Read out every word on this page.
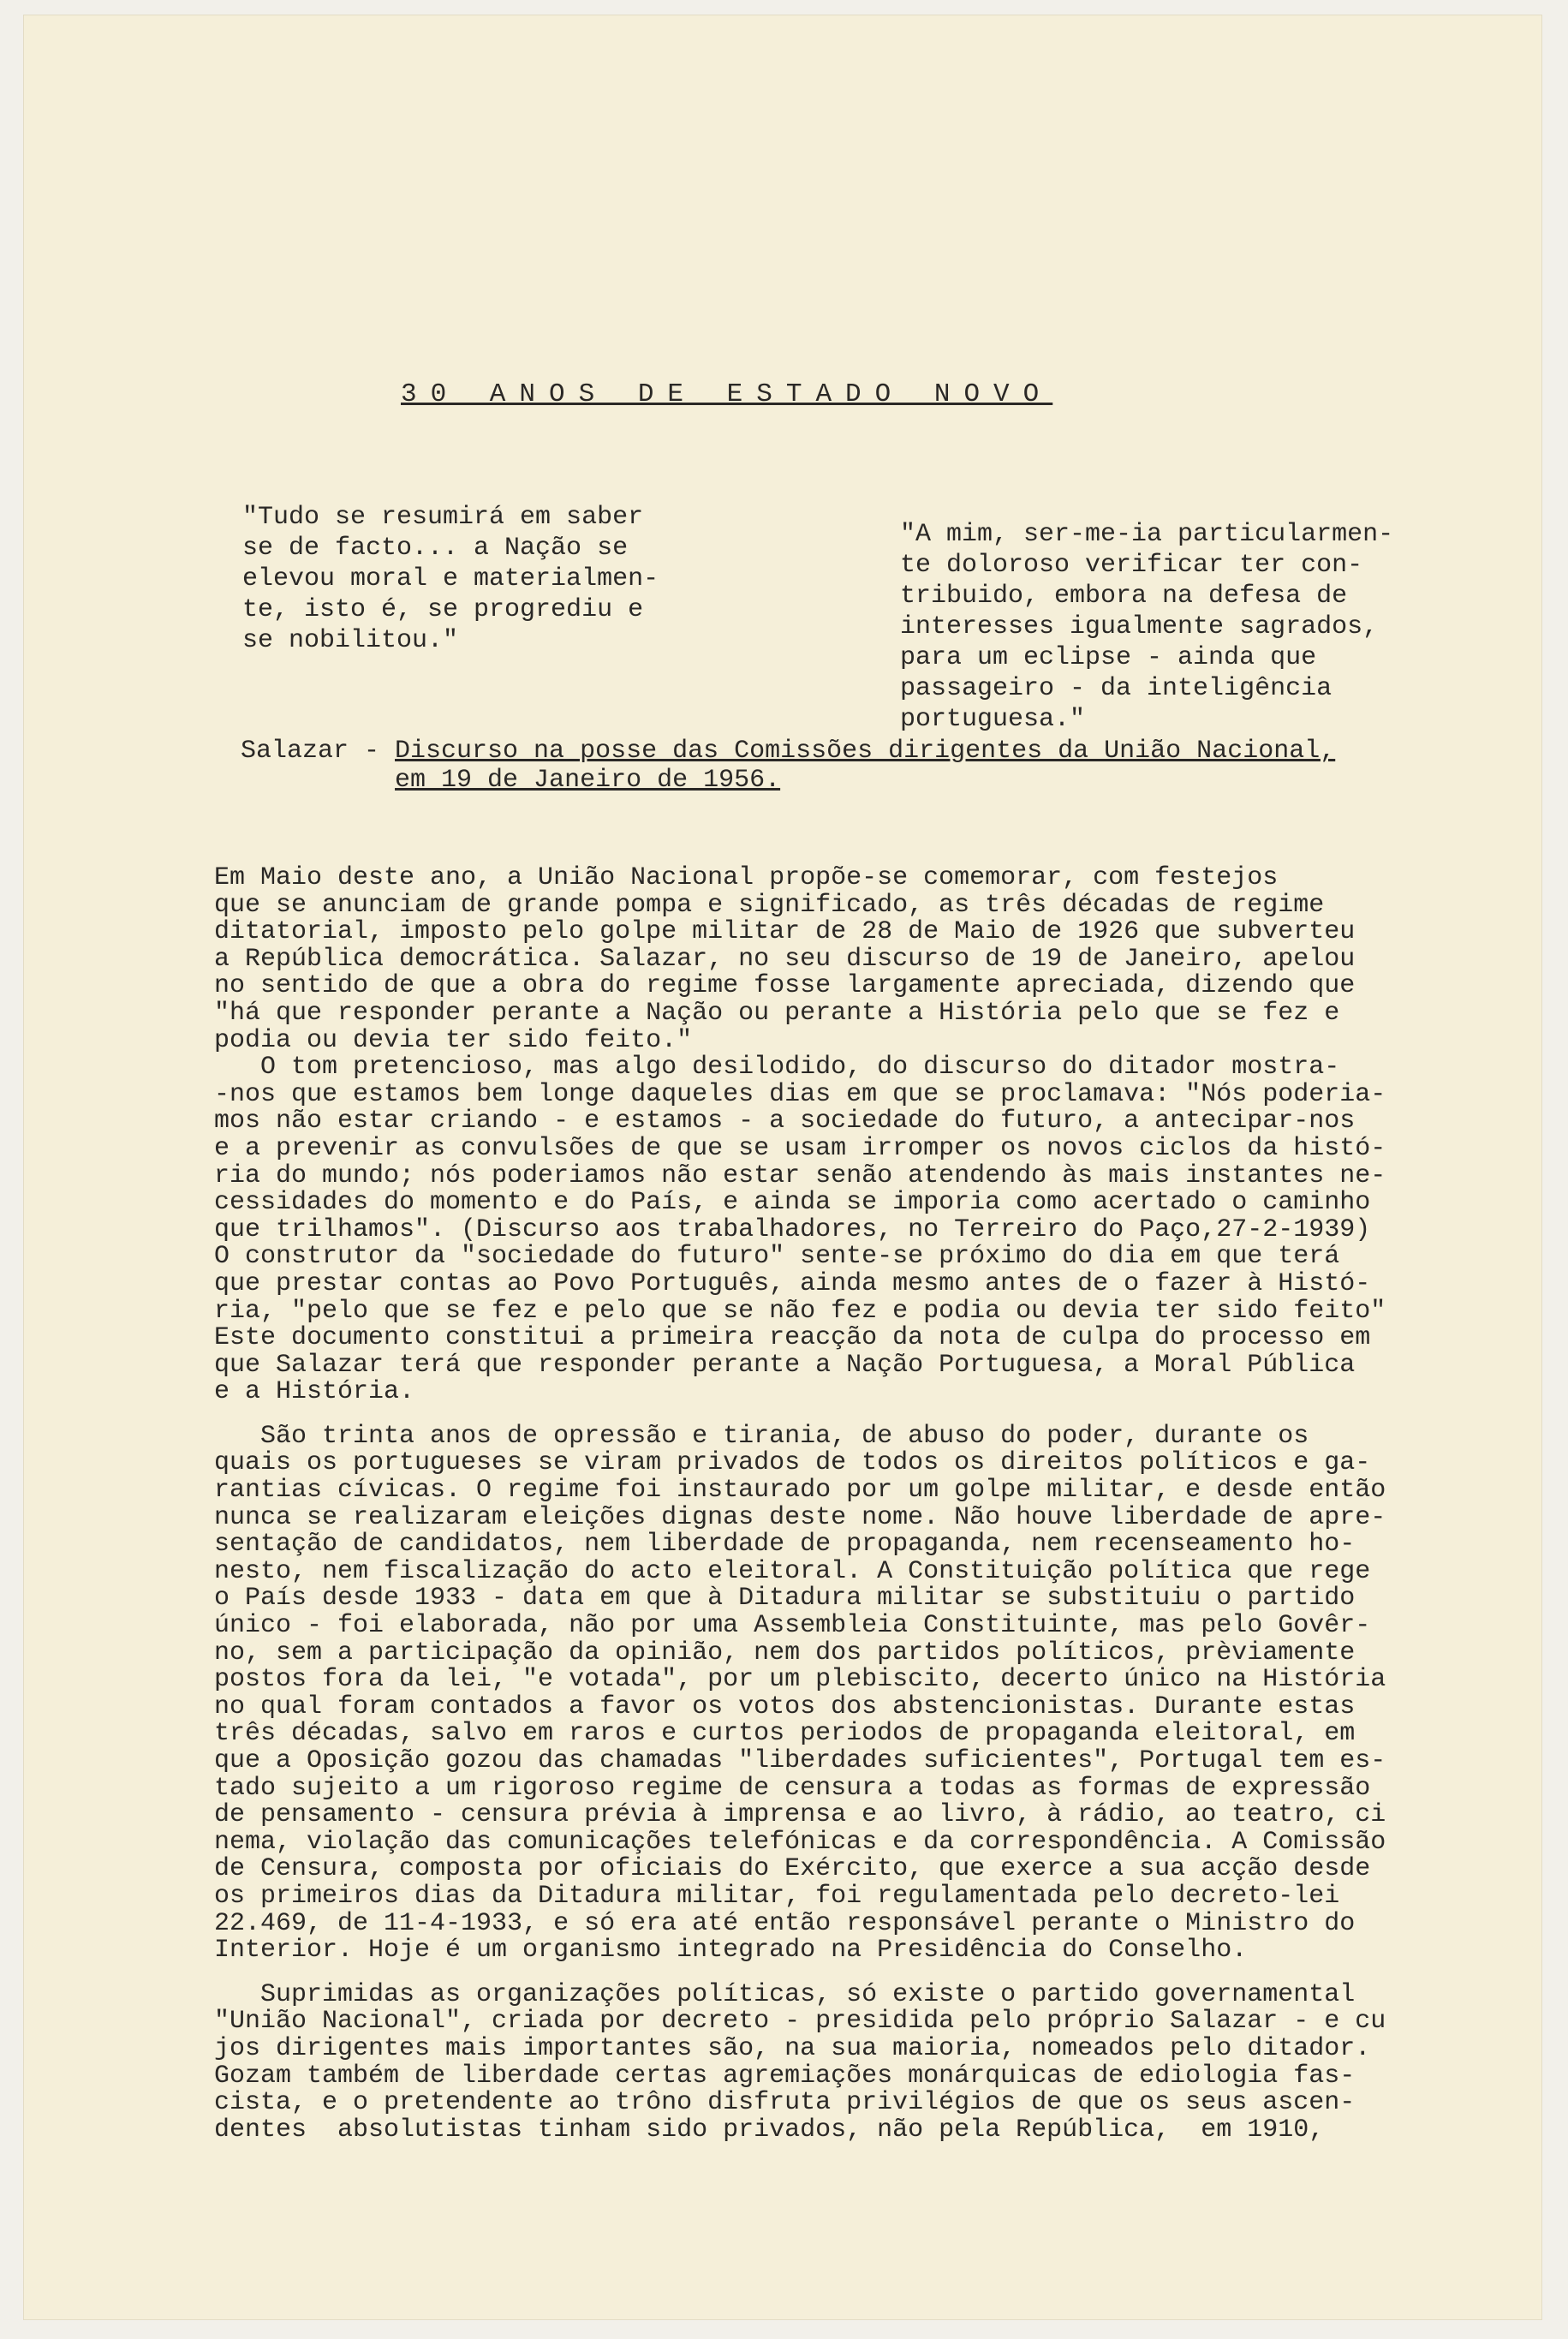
30 ANOS DE ESTADO NOVO
"Tudo se resumirá em saber
se de facto... a Nação se
elevou moral e materialmen-
te, isto é, se progrediu e
se nobilitou."
"A mim, ser-me-ia particularmen-
te doloroso verificar ter con-
tribuido, embora na defesa de
interesses igualmente sagrados,
para um eclipse - ainda que
passageiro - da inteligência
portuguesa."
Salazar - Discurso na posse das Comissões dirigentes da União Nacional,
em 19 de Janeiro de 1956.

Em Maio deste ano, a União Nacional propõe-se comemorar, com festejos
que se anunciam de grande pompa e significado, as três décadas de regime
ditatorial, imposto pelo golpe militar de 28 de Maio de 1926 que subverteu
a República democrática. Salazar, no seu discurso de 19 de Janeiro, apelou
no sentido de que a obra do regime fosse largamente apreciada, dizendo que
"há que responder perante a Nação ou perante a História pelo que se fez e
podia ou devia ter sido feito."

O tom pretencioso, mas algo desilodido, do discurso do ditador mostra-
-nos que estamos bem longe daqueles dias em que se proclamava: "Nós poderia-
mos não estar criando - e estamos - a sociedade do futuro, a antecipar-nos
e a prevenir as convulsões de que se usam irromper os novos ciclos da histó-
ria do mundo; nós poderiamos não estar senão atendendo às mais instantes ne-
cessidades do momento e do País, e ainda se imporia como acertado o caminho
que trilhamos". (Discurso aos trabalhadores, no Terreiro do Paço,27-2-1939)
O construtor da "sociedade do futuro" sente-se próximo do dia em que terá
que prestar contas ao Povo Português, ainda mesmo antes de o fazer à Histó-
ria, "pelo que se fez e pelo que se não fez e podia ou devia ter sido feito"
Este documento constitui a primeira reacção da nota de culpa do processo em
que Salazar terá que responder perante a Nação Portuguesa, a Moral Pública
e a História.

São trinta anos de opressão e tirania, de abuso do poder, durante os
quais os portugueses se viram privados de todos os direitos políticos e ga-
rantias cívicas. O regime foi instaurado por um golpe militar, e desde então
nunca se realizaram eleições dignas deste nome. Não houve liberdade de apre-
sentação de candidatos, nem liberdade de propaganda, nem recenseamento ho-
nesto, nem fiscalização do acto eleitoral. A Constituição política que rege
o País desde 1933 - data em que à Ditadura militar se substituiu o partido
único - foi elaborada, não por uma Assembleia Constituinte, mas pelo Govêr-
no, sem a participação da opinião, nem dos partidos políticos, prèviamente
postos fora da lei, "e votada", por um plebiscito, decerto único na História
no qual foram contados a favor os votos dos abstencionistas. Durante estas
três décadas, salvo em raros e curtos periodos de propaganda eleitoral, em
que a Oposição gozou das chamadas "liberdades suficientes", Portugal tem es-
tado sujeito a um rigoroso regime de censura a todas as formas de expressão
de pensamento - censura prévia à imprensa e ao livro, à rádio, ao teatro, ci
nema, violação das comunicações telefónicas e da correspondência. A Comissão
de Censura, composta por oficiais do Exército, que exerce a sua acção desde
os primeiros dias da Ditadura militar, foi regulamentada pelo decreto-lei
22.469, de 11-4-1933, e só era até então responsável perante o Ministro do
Interior. Hoje é um organismo integrado na Presidência do Conselho.

Suprimidas as organizações políticas, só existe o partido governamental
"União Nacional", criada por decreto - presidida pelo próprio Salazar - e cu
jos dirigentes mais importantes são, na sua maioria, nomeados pelo ditador.
Gozam também de liberdade certas agremiações monárquicas de ediologia fas-
cista, e o pretendente ao trôno disfruta privilégios de que os seus ascen-
dentes  absolutistas tinham sido privados, não pela República,  em 1910,
